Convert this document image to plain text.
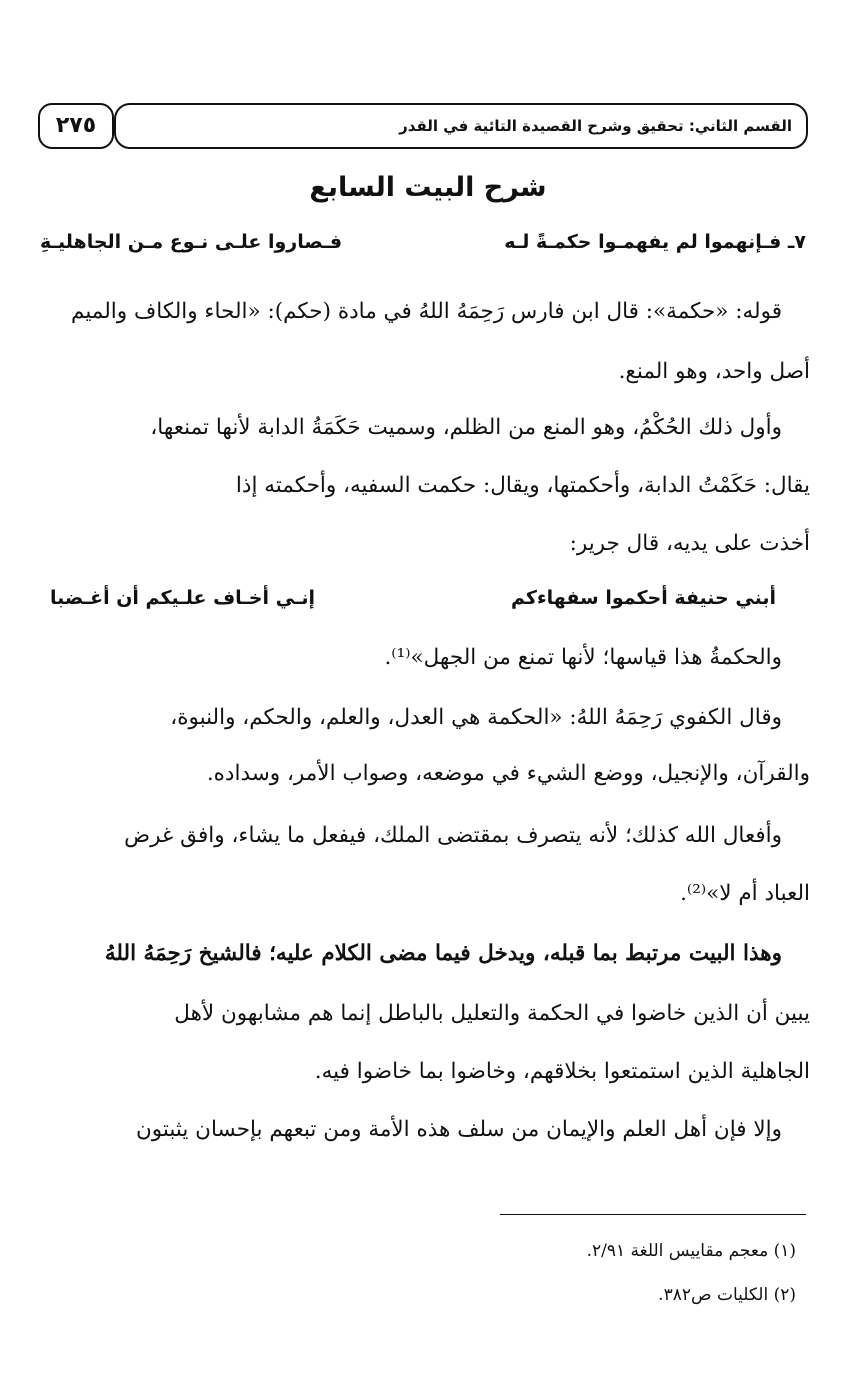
القسم الثاني: تحقيق وشرح القصيدة التائية في القدر
٢٧٥
شرح البيت السابع
٧ـ فـإنهموا لم يفهمـوا حكمـةً لـه
فـصاروا علـى نـوع مـن الجاهليـةِ
قوله: «حكمة»: قال ابن فارس رَحِمَهُ اللهُ في مادة (حكم): «الحاء والكاف والميم
أصل واحد، وهو المنع.
وأول ذلك الحُكْمُ، وهو المنع من الظلم، وسميت حَكَمَةُ الدابة لأنها تمنعها،
يقال: حَكَمْتُ الدابة، وأحكمتها، ويقال: حكمت السفيه، وأحكمته إذا
أخذت على يديه، قال جرير:
أبني حنيفة أحكموا سفهاءكم
إنـي أخـاف علـيكم أن أغـضبا
والحكمةُ هذا قياسها؛ لأنها تمنع من الجهل»⁽¹⁾.
وقال الكفوي رَحِمَهُ اللهُ: «الحكمة هي العدل، والعلم، والحكم، والنبوة،
والقرآن، والإنجيل، ووضع الشيء في موضعه، وصواب الأمر، وسداده.
وأفعال الله كذلك؛ لأنه يتصرف بمقتضى الملك، فيفعل ما يشاء، وافق غرض
العباد أم لا»⁽²⁾.
وهذا البيت مرتبط بما قبله، ويدخل فيما مضى الكلام عليه؛ فالشيخ رَحِمَهُ اللهُ
يبين أن الذين خاضوا في الحكمة والتعليل بالباطل إنما هم مشابهون لأهل
الجاهلية الذين استمتعوا بخلاقهم، وخاضوا بما خاضوا فيه.
وإلا فإن أهل العلم والإيمان من سلف هذه الأمة ومن تبعهم بإحسان يثبتون
(١) معجم مقاييس اللغة ٢/٩١.
(٢) الكليات ص٣٨٢.
